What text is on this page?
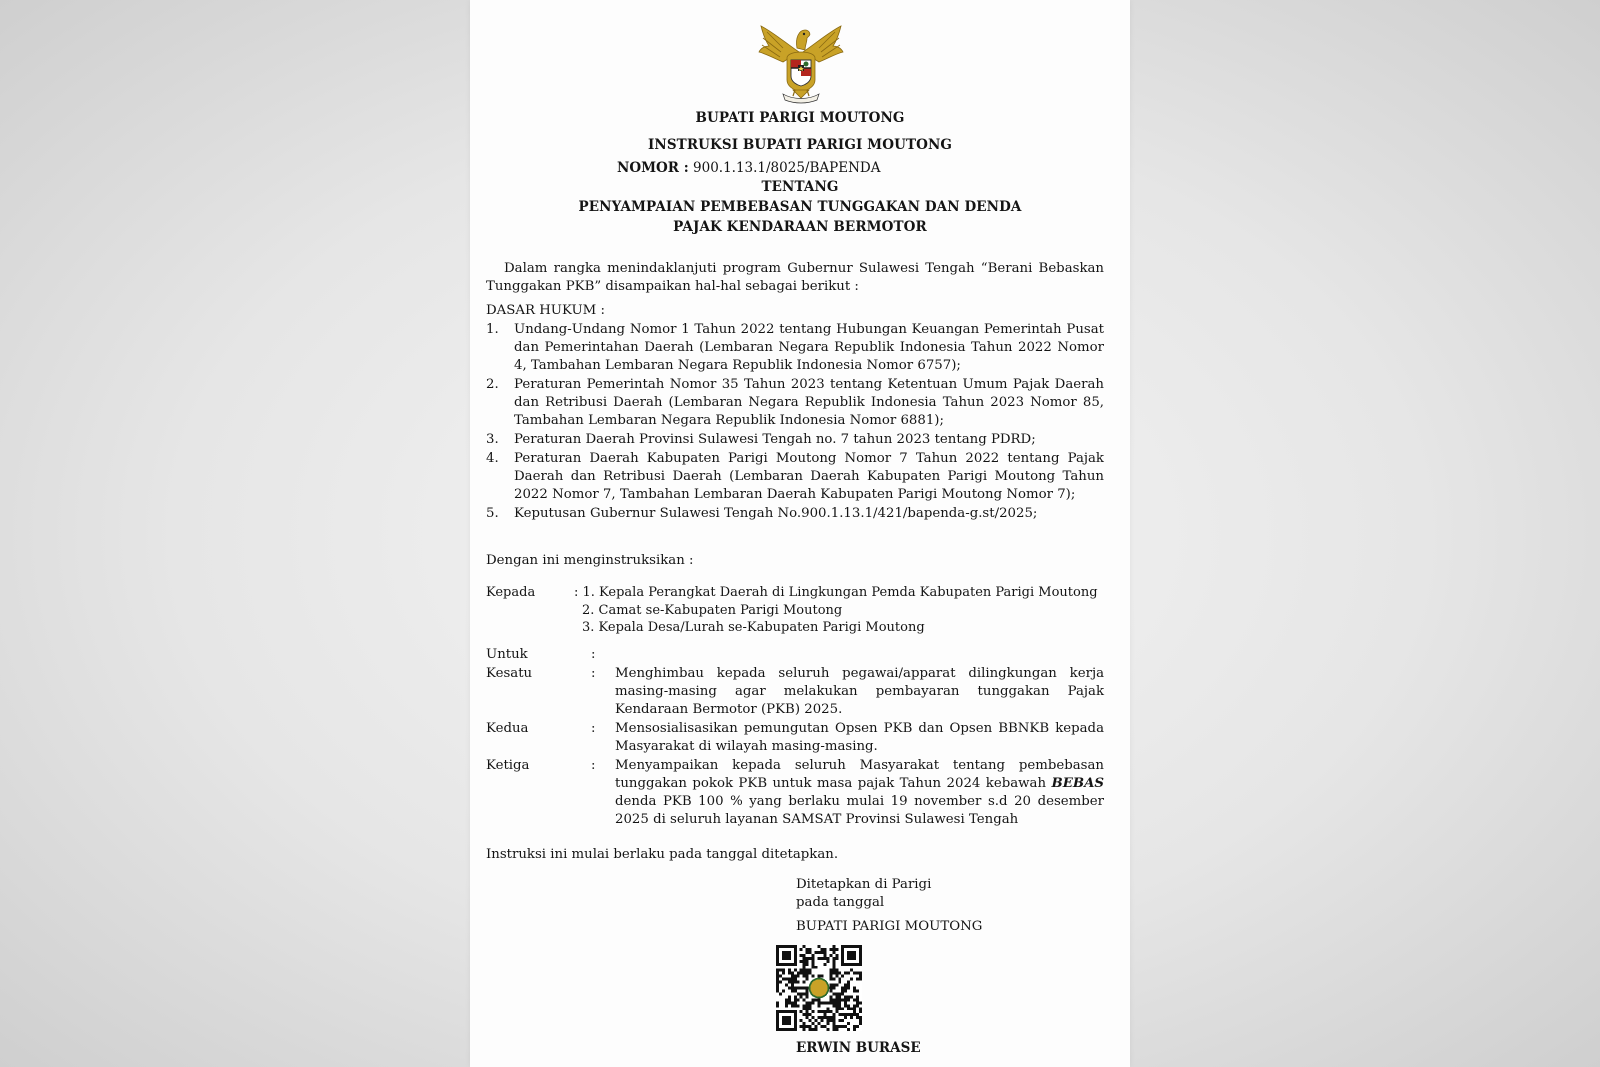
BUPATI PARIGI MOUTONG
INSTRUKSI BUPATI PARIGI MOUTONG
NOMOR : 900.1.13.1/8025/BAPENDA
TENTANG
PENYAMPAIAN PEMBEBASAN TUNGGAKAN DAN DENDA
PAJAK KENDARAAN BERMOTOR
Dalam rangka menindaklanjuti program Gubernur Sulawesi Tengah “Berani Bebaskan Tunggakan PKB” disampaikan hal-hal sebagai berikut :
DASAR HUKUM :
1.	Undang-Undang Nomor 1 Tahun 2022 tentang Hubungan Keuangan Pemerintah Pusat dan Pemerintahan Daerah (Lembaran Negara Republik Indonesia Tahun 2022 Nomor 4, Tambahan Lembaran Negara Republik Indonesia Nomor 6757);
2.	Peraturan Pemerintah Nomor 35 Tahun 2023 tentang Ketentuan Umum Pajak Daerah dan Retribusi Daerah (Lembaran Negara Republik Indonesia Tahun 2023 Nomor 85, Tambahan Lembaran Negara Republik Indonesia Nomor 6881);
3.	Peraturan Daerah Provinsi Sulawesi Tengah no. 7 tahun 2023 tentang PDRD;
4.	Peraturan Daerah Kabupaten Parigi Moutong Nomor 7 Tahun 2022 tentang Pajak Daerah dan Retribusi Daerah (Lembaran Daerah Kabupaten Parigi Moutong Tahun 2022 Nomor 7, Tambahan Lembaran Daerah Kabupaten Parigi Moutong Nomor 7);
5.	Keputusan Gubernur Sulawesi Tengah No.900.1.13.1/421/bapenda-g.st/2025;
Dengan ini menginstruksikan :
Kepada	: 1. Kepala Perangkat Daerah di Lingkungan Pemda Kabupaten Parigi Moutong
2. Camat se-Kabupaten Parigi Moutong
3. Kepala Desa/Lurah se-Kabupaten Parigi Moutong
Untuk	:
Kesatu	:	Menghimbau kepada seluruh pegawai/apparat dilingkungan kerja masing-masing agar melakukan pembayaran tunggakan Pajak Kendaraan Bermotor (PKB) 2025.
Kedua	:	Mensosialisasikan pemungutan Opsen PKB dan Opsen BBNKB kepada Masyarakat di wilayah masing-masing.
Ketiga	:	Menyampaikan kepada seluruh Masyarakat tentang pembebasan tunggakan pokok PKB untuk masa pajak Tahun 2024 kebawah BEBAS denda PKB 100 % yang berlaku mulai 19 november s.d 20 desember 2025 di seluruh layanan SAMSAT Provinsi Sulawesi Tengah
Instruksi ini mulai berlaku pada tanggal ditetapkan.
Ditetapkan di Parigi
pada tanggal
BUPATI PARIGI MOUTONG
ERWIN BURASE
